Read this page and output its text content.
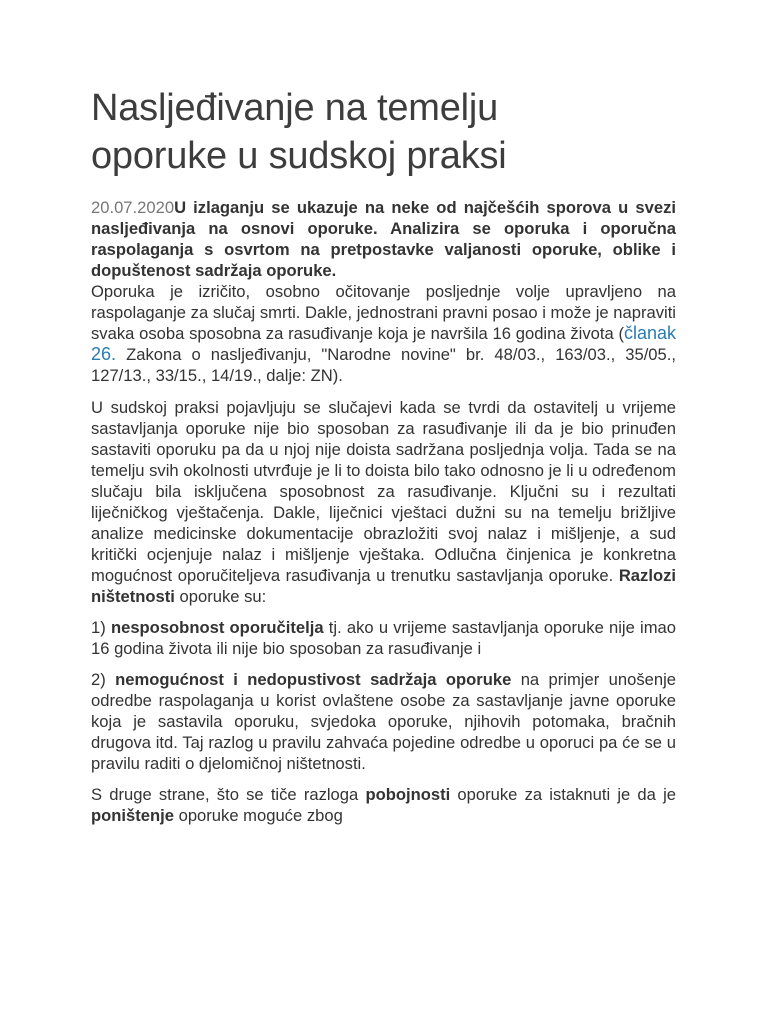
Nasljeđivanje na temelju
oporuke u sudskoj praksi

20.07.2020U izlaganju se ukazuje na neke od najčešćih sporova u svezi nasljeđivanja na osnovi oporuke. Analizira se oporuka i oporučna raspolaganja s osvrtom na pretpostavke valjanosti oporuke, oblike i dopuštenost sadržaja oporuke.

Oporuka je izričito, osobno očitovanje posljednje volje upravljeno na raspolaganje za slučaj smrti. Dakle, jednostrani pravni posao i može je napraviti svaka osoba sposobna za rasuđivanje koja je navršila 16 godina života (članak 26. Zakona o nasljeđivanju, "Narodne novine" br. 48/03., 163/03., 35/05., 127/13., 33/15., 14/19., dalje: ZN).

U sudskoj praksi pojavljuju se slučajevi kada se tvrdi da ostavitelj u vrijeme sastavljanja oporuke nije bio sposoban za rasuđivanje ili da je bio prinuđen sastaviti oporuku pa da u njoj nije doista sadržana posljednja volja. Tada se na temelju svih okolnosti utvrđuje je li to doista bilo tako odnosno je li u određenom slučaju bila isključena sposobnost za rasuđivanje. Ključni su i rezultati liječničkog vještačenja. Dakle, liječnici vještaci dužni su na temelju brižljive analize medicinske dokumentacije obrazložiti svoj nalaz i mišljenje, a sud kritički ocjenjuje nalaz i mišljenje vještaka. Odlučna činjenica je konkretna mogućnost oporučiteljeva rasuđivanja u trenutku sastavljanja oporuke. Razlozi ništetnosti oporuke su:

1) nesposobnost oporučitelja tj. ako u vrijeme sastavljanja oporuke nije imao 16 godina života ili nije bio sposoban za rasuđivanje i

2) nemogućnost i nedopustivost sadržaja oporuke na primjer unošenje odredbe raspolaganja u korist ovlaštene osobe za sastavljanje javne oporuke koja je sastavila oporuku, svjedoka oporuke, njihovih potomaka, bračnih drugova itd. Taj razlog u pravilu zahvaća pojedine odredbe u oporuci pa će se u pravilu raditi o djelomičnoj ništetnosti.

S druge strane, što se tiče razloga pobojnosti oporuke za istaknuti je da je poništenje oporuke moguće zbog
